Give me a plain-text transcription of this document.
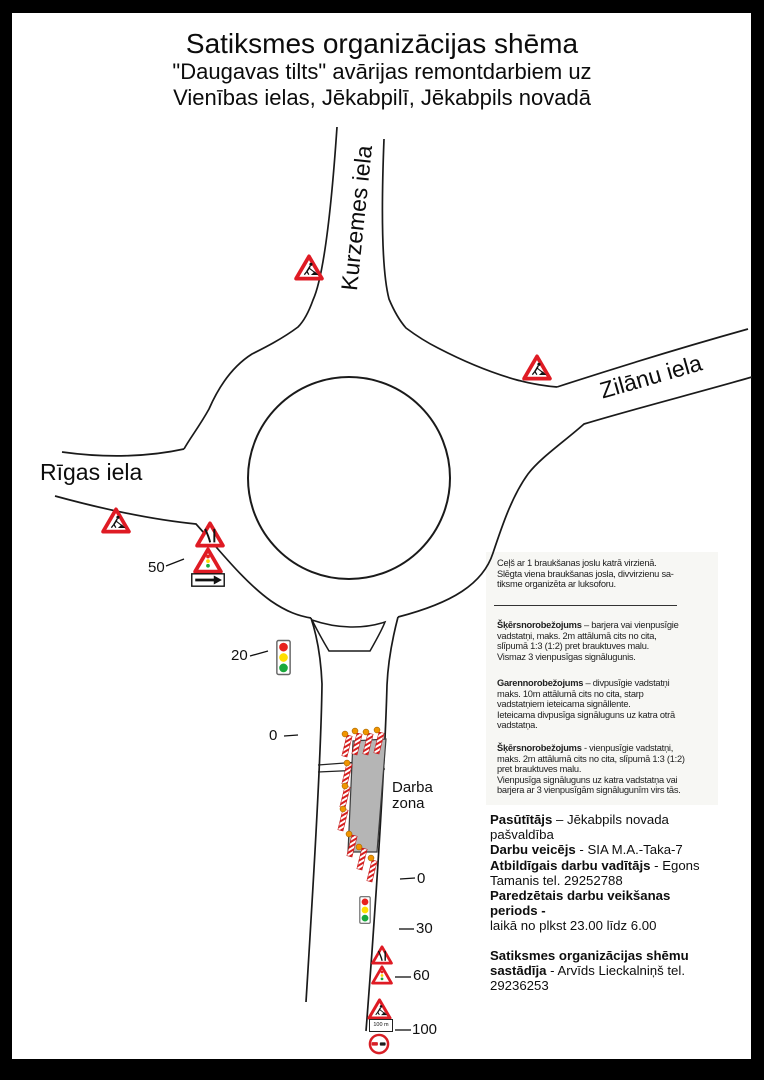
Satiksmes organizācijas shēma
"Daugavas tilts" avārijas remontdarbiem uz
Vienības ielas, Jēkabpilī, Jēkabpils novadā
Kurzemes iela
Zilānu iela
Rīgas iela
50
20
0
0
30
60
100
Darba zona
100 m
Ceļš ar 1 braukšanas joslu katrā virzienā.
Slēgta viena braukšanas josla, divvirzienu sa-
tiksme organizēta ar luksoforu.
Šķērsnorobežojums – barjera vai vienpusīgie
vadstatņi, maks. 2m attālumā cits no cita,
slīpumā 1:3 (1:2) pret brauktuves malu.
Vismaz 3 vienpusīgas signālugunis.
Garennorobežojums – divpusīgie vadstatņi
maks. 10m attālumā cits no cita, starp
vadstatņiem ieteicama signāllente.
Ieteicama divpusīga signāluguns uz katra otrā
vadstatņa.
Šķērsnorobežojums - vienpusīgie vadstatņi,
maks. 2m attālumā cits no cita, slīpumā 1:3 (1:2)
pret brauktuves malu.
Vienpusīga signāluguns uz katra vadstatņa vai
barjera ar 3 vienpusīgām signālugunīm virs tās.
Pasūtītājs – Jēkabpils novada
pašvaldība
Darbu veicējs - SIA M.A.-Taka-7
Atbildīgais darbu vadītājs - Egons
Tamanis tel. 29252788
Paredzētais darbu veikšanas
periods -
laikā no plkst 23.00 līdz 6.00
Satiksmes organizācijas shēmu
sastādīja - Arvīds Lieckalniņš tel.
29236253
